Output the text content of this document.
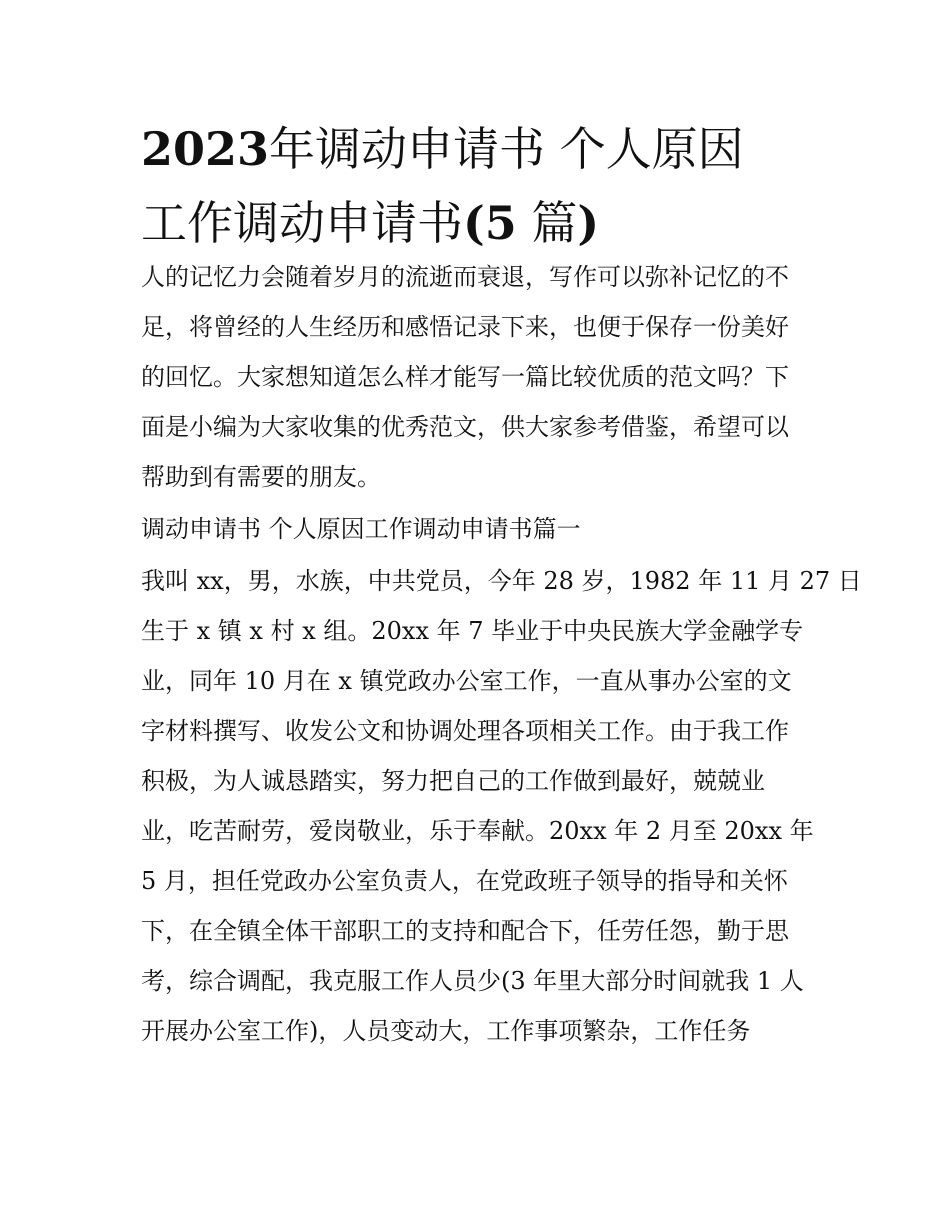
2023年调动申请书 个人原因
工作调动申请书(5 篇)
人的记忆力会随着岁月的流逝而衰退，写作可以弥补记忆的不
足，将曾经的人生经历和感悟记录下来，也便于保存一份美好
的回忆。大家想知道怎么样才能写一篇比较优质的范文吗？下
面是小编为大家收集的优秀范文，供大家参考借鉴，希望可以
帮助到有需要的朋友。
调动申请书 个人原因工作调动申请书篇一
我叫 xx，男，水族，中共党员，今年 28 岁，1982 年 11 月 27 日
生于 x 镇 x 村 x 组。20xx 年 7 毕业于中央民族大学金融学专
业，同年 10 月在 x 镇党政办公室工作，一直从事办公室的文
字材料撰写、收发公文和协调处理各项相关工作。由于我工作
积极，为人诚恳踏实，努力把自己的工作做到最好，兢兢业
业，吃苦耐劳，爱岗敬业，乐于奉献。20xx 年 2 月至 20xx 年
5 月，担任党政办公室负责人，在党政班子领导的指导和关怀
下，在全镇全体干部职工的支持和配合下，任劳任怨，勤于思
考，综合调配，我克服工作人员少(3 年里大部分时间就我 1 人
开展办公室工作)，人员变动大，工作事项繁杂，工作任务
